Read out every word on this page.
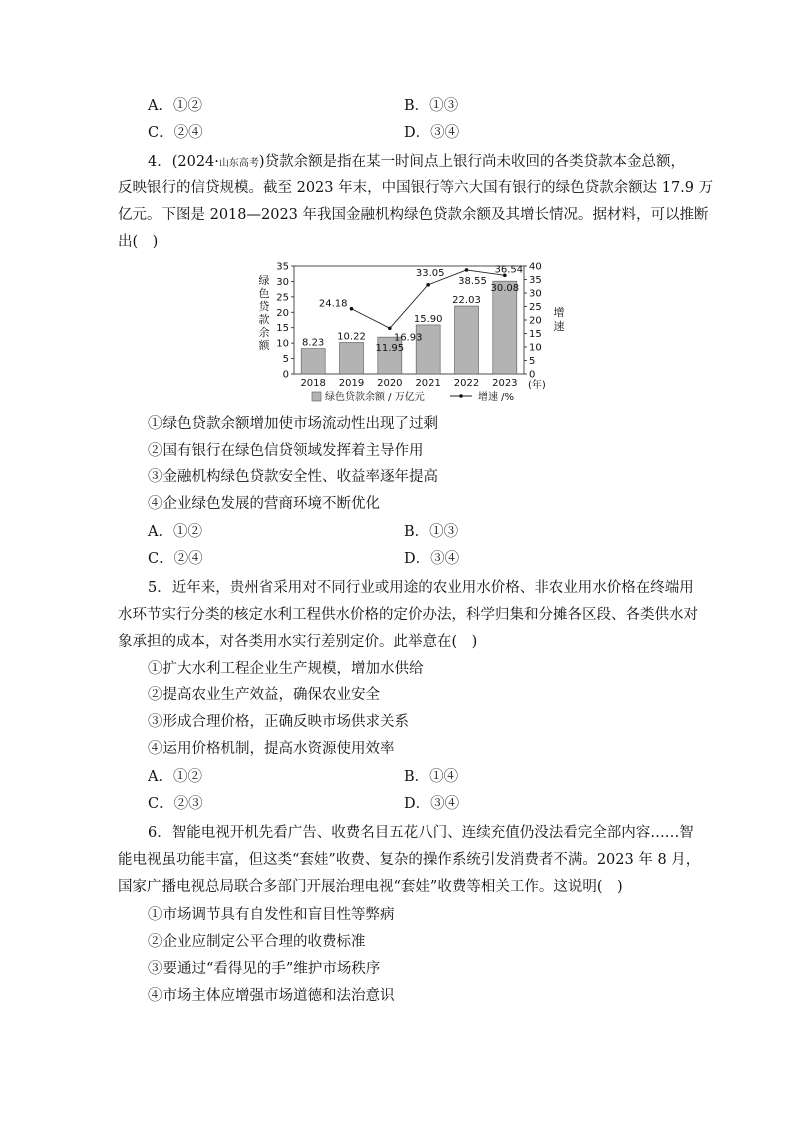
A．①②	B．①③
C．②④	D．③④
4．(2024·山东高考)贷款余额是指在某一时间点上银行尚未收回的各类贷款本金总额，
反映银行的信贷规模。截至 2023 年末，中国银行等六大国有银行的绿色贷款余额达 17.9 万
亿元。下图是 2018—2023 年我国金融机构绿色贷款余额及其增长情况。据材料，可以推断
出(　)
0
5
10
15
20
25
30
35
0
5
10
15
20
25
30
35
40
绿
色
贷
款
余
额
增
速
8.23
10.22
11.95
15.90
22.03
30.08
24.18
16.93
33.05
38.55
36.54
2018 2019 2020 2021 2022 2023 (年)
绿色贷款余额 / 万亿元	增速 /%
①绿色贷款余额增加使市场流动性出现了过剩
②国有银行在绿色信贷领域发挥着主导作用
③金融机构绿色贷款安全性、收益率逐年提高
④企业绿色发展的营商环境不断优化
A．①②	B．①③
C．②④	D．③④
5．近年来，贵州省采用对不同行业或用途的农业用水价格、非农业用水价格在终端用
水环节实行分类的核定水利工程供水价格的定价办法，科学归集和分摊各区段、各类供水对
象承担的成本，对各类用水实行差别定价。此举意在(　)
①扩大水利工程企业生产规模，增加水供给
②提高农业生产效益，确保农业安全
③形成合理价格，正确反映市场供求关系
④运用价格机制，提高水资源使用效率
A．①②	B．①④
C．②③	D．③④
6．智能电视开机先看广告、收费名目五花八门、连续充值仍没法看完全部内容……智
能电视虽功能丰富，但这类“套娃”收费、复杂的操作系统引发消费者不满。2023 年 8 月，
国家广播电视总局联合多部门开展治理电视“套娃”收费等相关工作。这说明(　)
①市场调节具有自发性和盲目性等弊病
②企业应制定公平合理的收费标准
③要通过“看得见的手”维护市场秩序
④市场主体应增强市场道德和法治意识
